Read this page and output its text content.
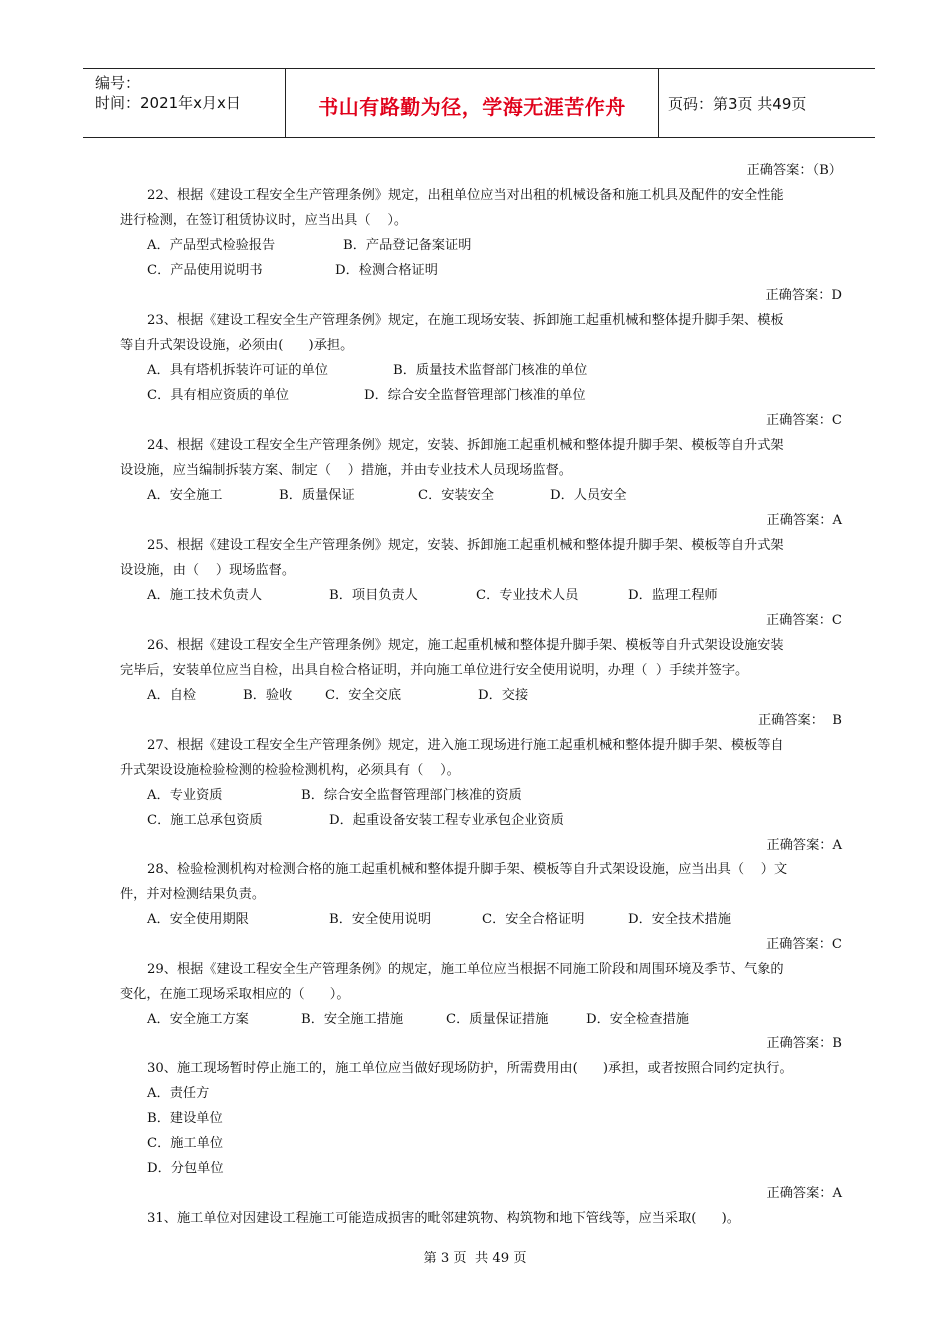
编号：
时间：2021年x月x日	书山有路勤为径，学海无涯苦作舟	页码：第3页 共49页
正确答案：（B）
22、根据《建设工程安全生产管理条例》规定，出租单位应当对出租的机械设备和施工机具及配件的安全性能
进行检测，在签订租赁协议时，应当出具（    ）。
A．产品型式检验报告	B．产品登记备案证明
C．产品使用说明书	D．检测合格证明
正确答案：D
23、根据《建设工程安全生产管理条例》规定，在施工现场安装、拆卸施工起重机械和整体提升脚手架、模板
等自升式架设设施，必须由(      )承担。
A．具有塔机拆装许可证的单位	B．质量技术监督部门核准的单位
C．具有相应资质的单位	D．综合安全监督管理部门核准的单位
正确答案：C
24、根据《建设工程安全生产管理条例》规定，安装、拆卸施工起重机械和整体提升脚手架、模板等自升式架
设设施，应当编制拆装方案、制定（    ）措施，并由专业技术人员现场监督。
A．安全施工	B．质量保证	C．安装安全	D．人员安全
正确答案：A
25、根据《建设工程安全生产管理条例》规定，安装、拆卸施工起重机械和整体提升脚手架、模板等自升式架
设设施，由（    ）现场监督。
A．施工技术负责人	B．项目负责人	C．专业技术人员	D．监理工程师
正确答案：C
26、根据《建设工程安全生产管理条例》规定，施工起重机械和整体提升脚手架、模板等自升式架设设施安装
完毕后，安装单位应当自检，出具自检合格证明，并向施工单位进行安全使用说明，办理（  ）手续并签字。
A．自检	B．验收 C．安全交底	D．交接
正确答案：  B
27、根据《建设工程安全生产管理条例》规定，进入施工现场进行施工起重机械和整体提升脚手架、模板等自
升式架设设施检验检测的检验检测机构，必须具有（    ）。
A．专业资质	B．综合安全监督管理部门核准的资质
C．施工总承包资质	D．起重设备安装工程专业承包企业资质
正确答案：A
28、检验检测机构对检测合格的施工起重机械和整体提升脚手架、模板等自升式架设设施，应当出具（    ）文
件，并对检测结果负责。
A．安全使用期限	B．安全使用说明	C．安全合格证明	D．安全技术措施
正确答案：C
29、根据《建设工程安全生产管理条例》的规定，施工单位应当根据不同施工阶段和周围环境及季节、气象的
变化，在施工现场采取相应的（      ）。
A．安全施工方案	B．安全施工措施	C．质量保证措施	D．安全检查措施
正确答案：B
30、施工现场暂时停止施工的，施工单位应当做好现场防护，所需费用由(      )承担，或者按照合同约定执行。
A．责任方
B．建设单位
C．施工单位
D．分包单位
正确答案：A
31、施工单位对因建设工程施工可能造成损害的毗邻建筑物、构筑物和地下管线等，应当采取(      )。
第 3 页  共 49 页
